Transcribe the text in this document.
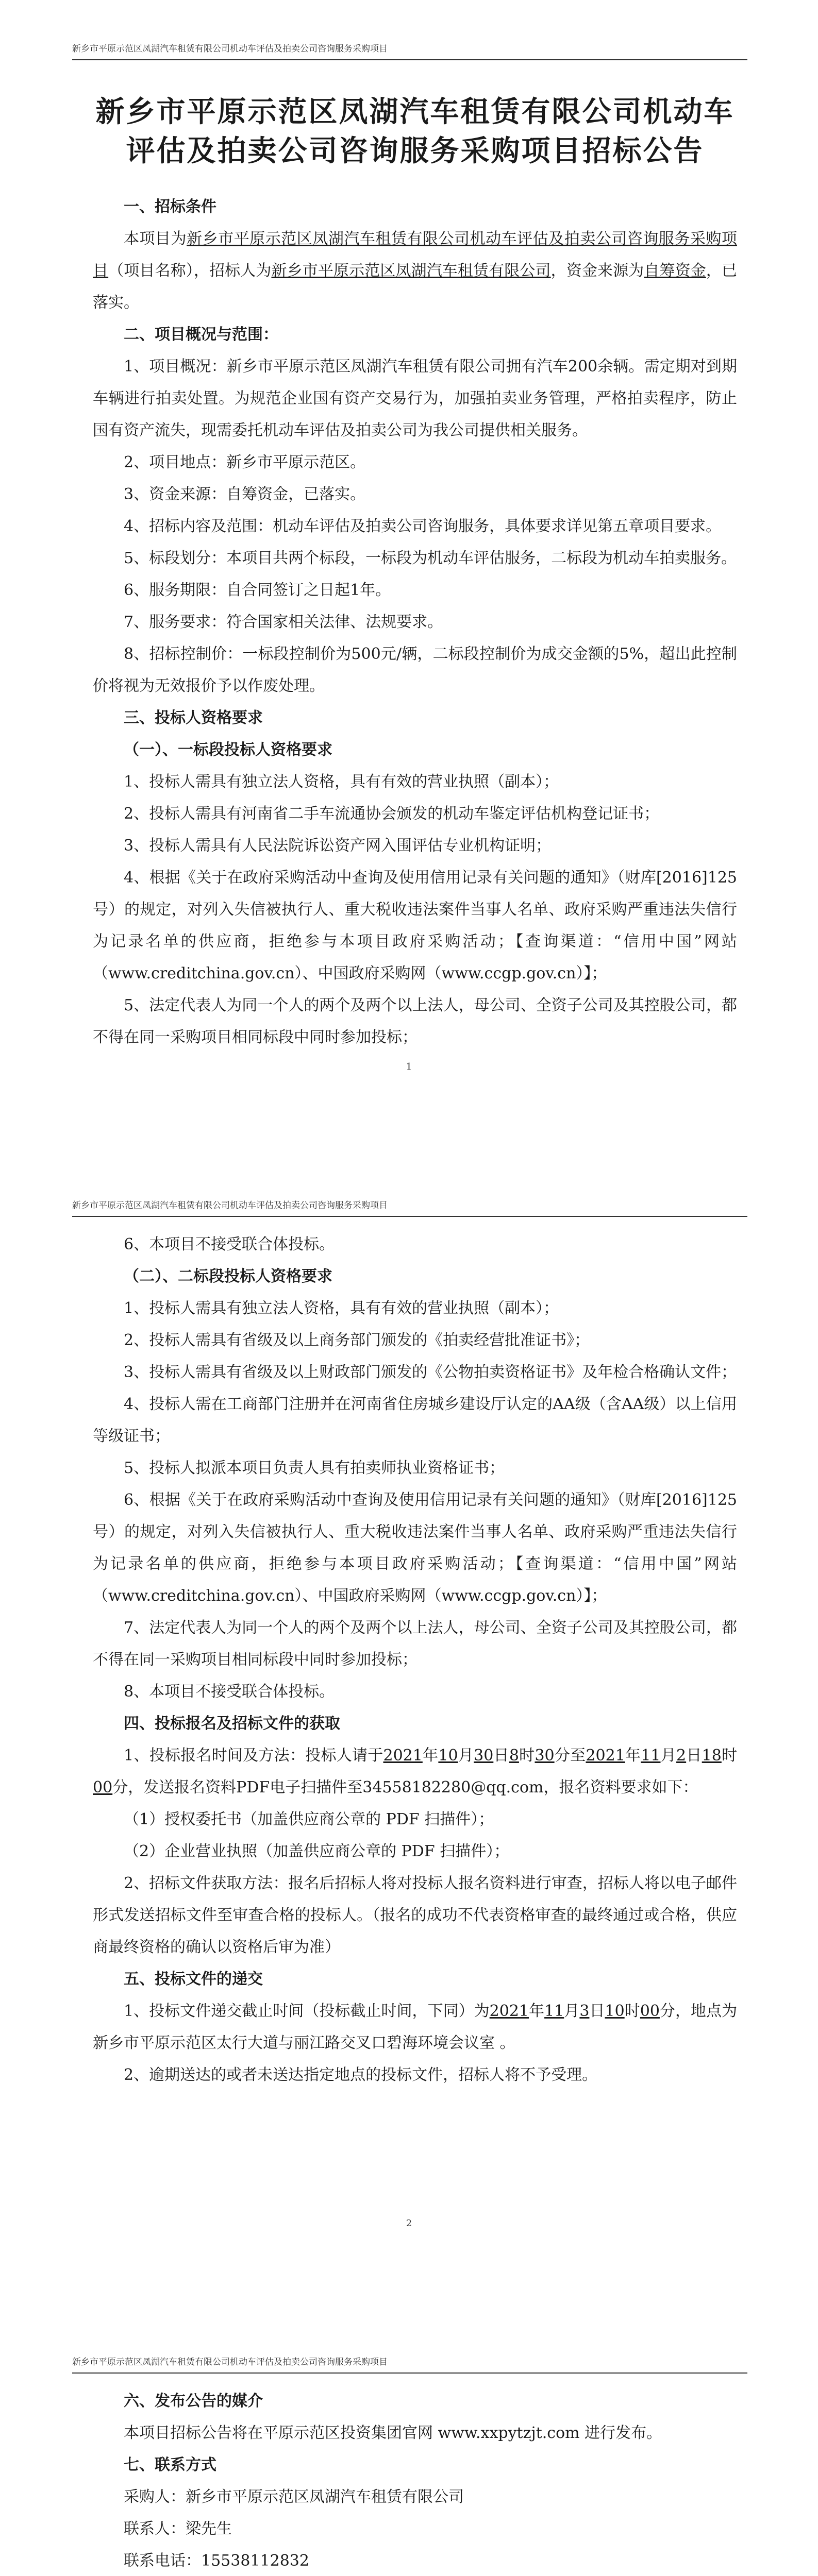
新乡市平原示范区凤湖汽车租赁有限公司机动车评估及拍卖公司咨询服务采购项目
新乡市平原示范区凤湖汽车租赁有限公司机动车评估及拍卖公司咨询服务采购项目招标公告

一、招标条件

本项目为新乡市平原示范区凤湖汽车租赁有限公司机动车评估及拍卖公司咨询服务采购项目（项目名称），招标人为新乡市平原示范区凤湖汽车租赁有限公司，资金来源为自筹资金，已落实。

二、项目概况与范围：

1、项目概况：新乡市平原示范区凤湖汽车租赁有限公司拥有汽车200余辆。需定期对到期车辆进行拍卖处置。为规范企业国有资产交易行为，加强拍卖业务管理，严格拍卖程序，防止国有资产流失，现需委托机动车评估及拍卖公司为我公司提供相关服务。

2、项目地点：新乡市平原示范区。

3、资金来源：自筹资金，已落实。

4、招标内容及范围：机动车评估及拍卖公司咨询服务，具体要求详见第五章项目要求。

5、标段划分：本项目共两个标段，一标段为机动车评估服务，二标段为机动车拍卖服务。

6、服务期限：自合同签订之日起1年。

7、服务要求：符合国家相关法律、法规要求。

8、招标控制价：一标段控制价为500元/辆，二标段控制价为成交金额的5%，超出此控制价将视为无效报价予以作废处理。

三、投标人资格要求

（一）、一标段投标人资格要求

1、投标人需具有独立法人资格，具有有效的营业执照（副本）；

2、投标人需具有河南省二手车流通协会颁发的机动车鉴定评估机构登记证书；

3、投标人需具有人民法院诉讼资产网入围评估专业机构证明；

4、根据《关于在政府采购活动中查询及使用信用记录有关问题的通知》（财库[2016]125号）的规定，对列入失信被执行人、重大税收违法案件当事人名单、政府采购严重违法失信行为记录名单的供应商，拒绝参与本项目政府采购活动；【查询渠道：“信用中国”网站（www.creditchina.gov.cn）、中国政府采购网（www.ccgp.gov.cn）】；

5、法定代表人为同一个人的两个及两个以上法人，母公司、全资子公司及其控股公司，都不得在同一采购项目相同标段中同时参加投标；

1
新乡市平原示范区凤湖汽车租赁有限公司机动车评估及拍卖公司咨询服务采购项目

6、本项目不接受联合体投标。

（二）、二标段投标人资格要求

1、投标人需具有独立法人资格，具有有效的营业执照（副本）；

2、投标人需具有省级及以上商务部门颁发的《拍卖经营批准证书》；

3、投标人需具有省级及以上财政部门颁发的《公物拍卖资格证书》及年检合格确认文件；

4、投标人需在工商部门注册并在河南省住房城乡建设厅认定的AA级（含AA级）以上信用等级证书；

5、投标人拟派本项目负责人具有拍卖师执业资格证书；

6、根据《关于在政府采购活动中查询及使用信用记录有关问题的通知》（财库[2016]125号）的规定，对列入失信被执行人、重大税收违法案件当事人名单、政府采购严重违法失信行为记录名单的供应商，拒绝参与本项目政府采购活动；【查询渠道：“信用中国”网站（www.creditchina.gov.cn）、中国政府采购网（www.ccgp.gov.cn）】；

7、法定代表人为同一个人的两个及两个以上法人，母公司、全资子公司及其控股公司，都不得在同一采购项目相同标段中同时参加投标；

8、本项目不接受联合体投标。

四、投标报名及招标文件的获取

1、投标报名时间及方法：投标人请于2021年10月30日8时30分至2021年11月2日18时00分，发送报名资料PDF电子扫描件至34558182280@qq.com，报名资料要求如下：

（1）授权委托书（加盖供应商公章的 PDF 扫描件）；

（2）企业营业执照（加盖供应商公章的 PDF 扫描件）；

2、招标文件获取方法：报名后招标人将对投标人报名资料进行审查，招标人将以电子邮件形式发送招标文件至审查合格的投标人。（报名的成功不代表资格审查的最终通过或合格，供应商最终资格的确认以资格后审为准）

五、投标文件的递交

1、投标文件递交截止时间（投标截止时间，下同）为2021年11月3日10时00分，地点为新乡市平原示范区太行大道与丽江路交叉口碧海环境会议室 。

2、逾期送达的或者未送达指定地点的投标文件，招标人将不予受理。

2
新乡市平原示范区凤湖汽车租赁有限公司机动车评估及拍卖公司咨询服务采购项目

六、发布公告的媒介

本项目招标公告将在平原示范区投资集团官网 www.xxpytzjt.com 进行发布。

七、联系方式

采购人：新乡市平原示范区凤湖汽车租赁有限公司

联系人：梁先生

联系电话：15538112832
